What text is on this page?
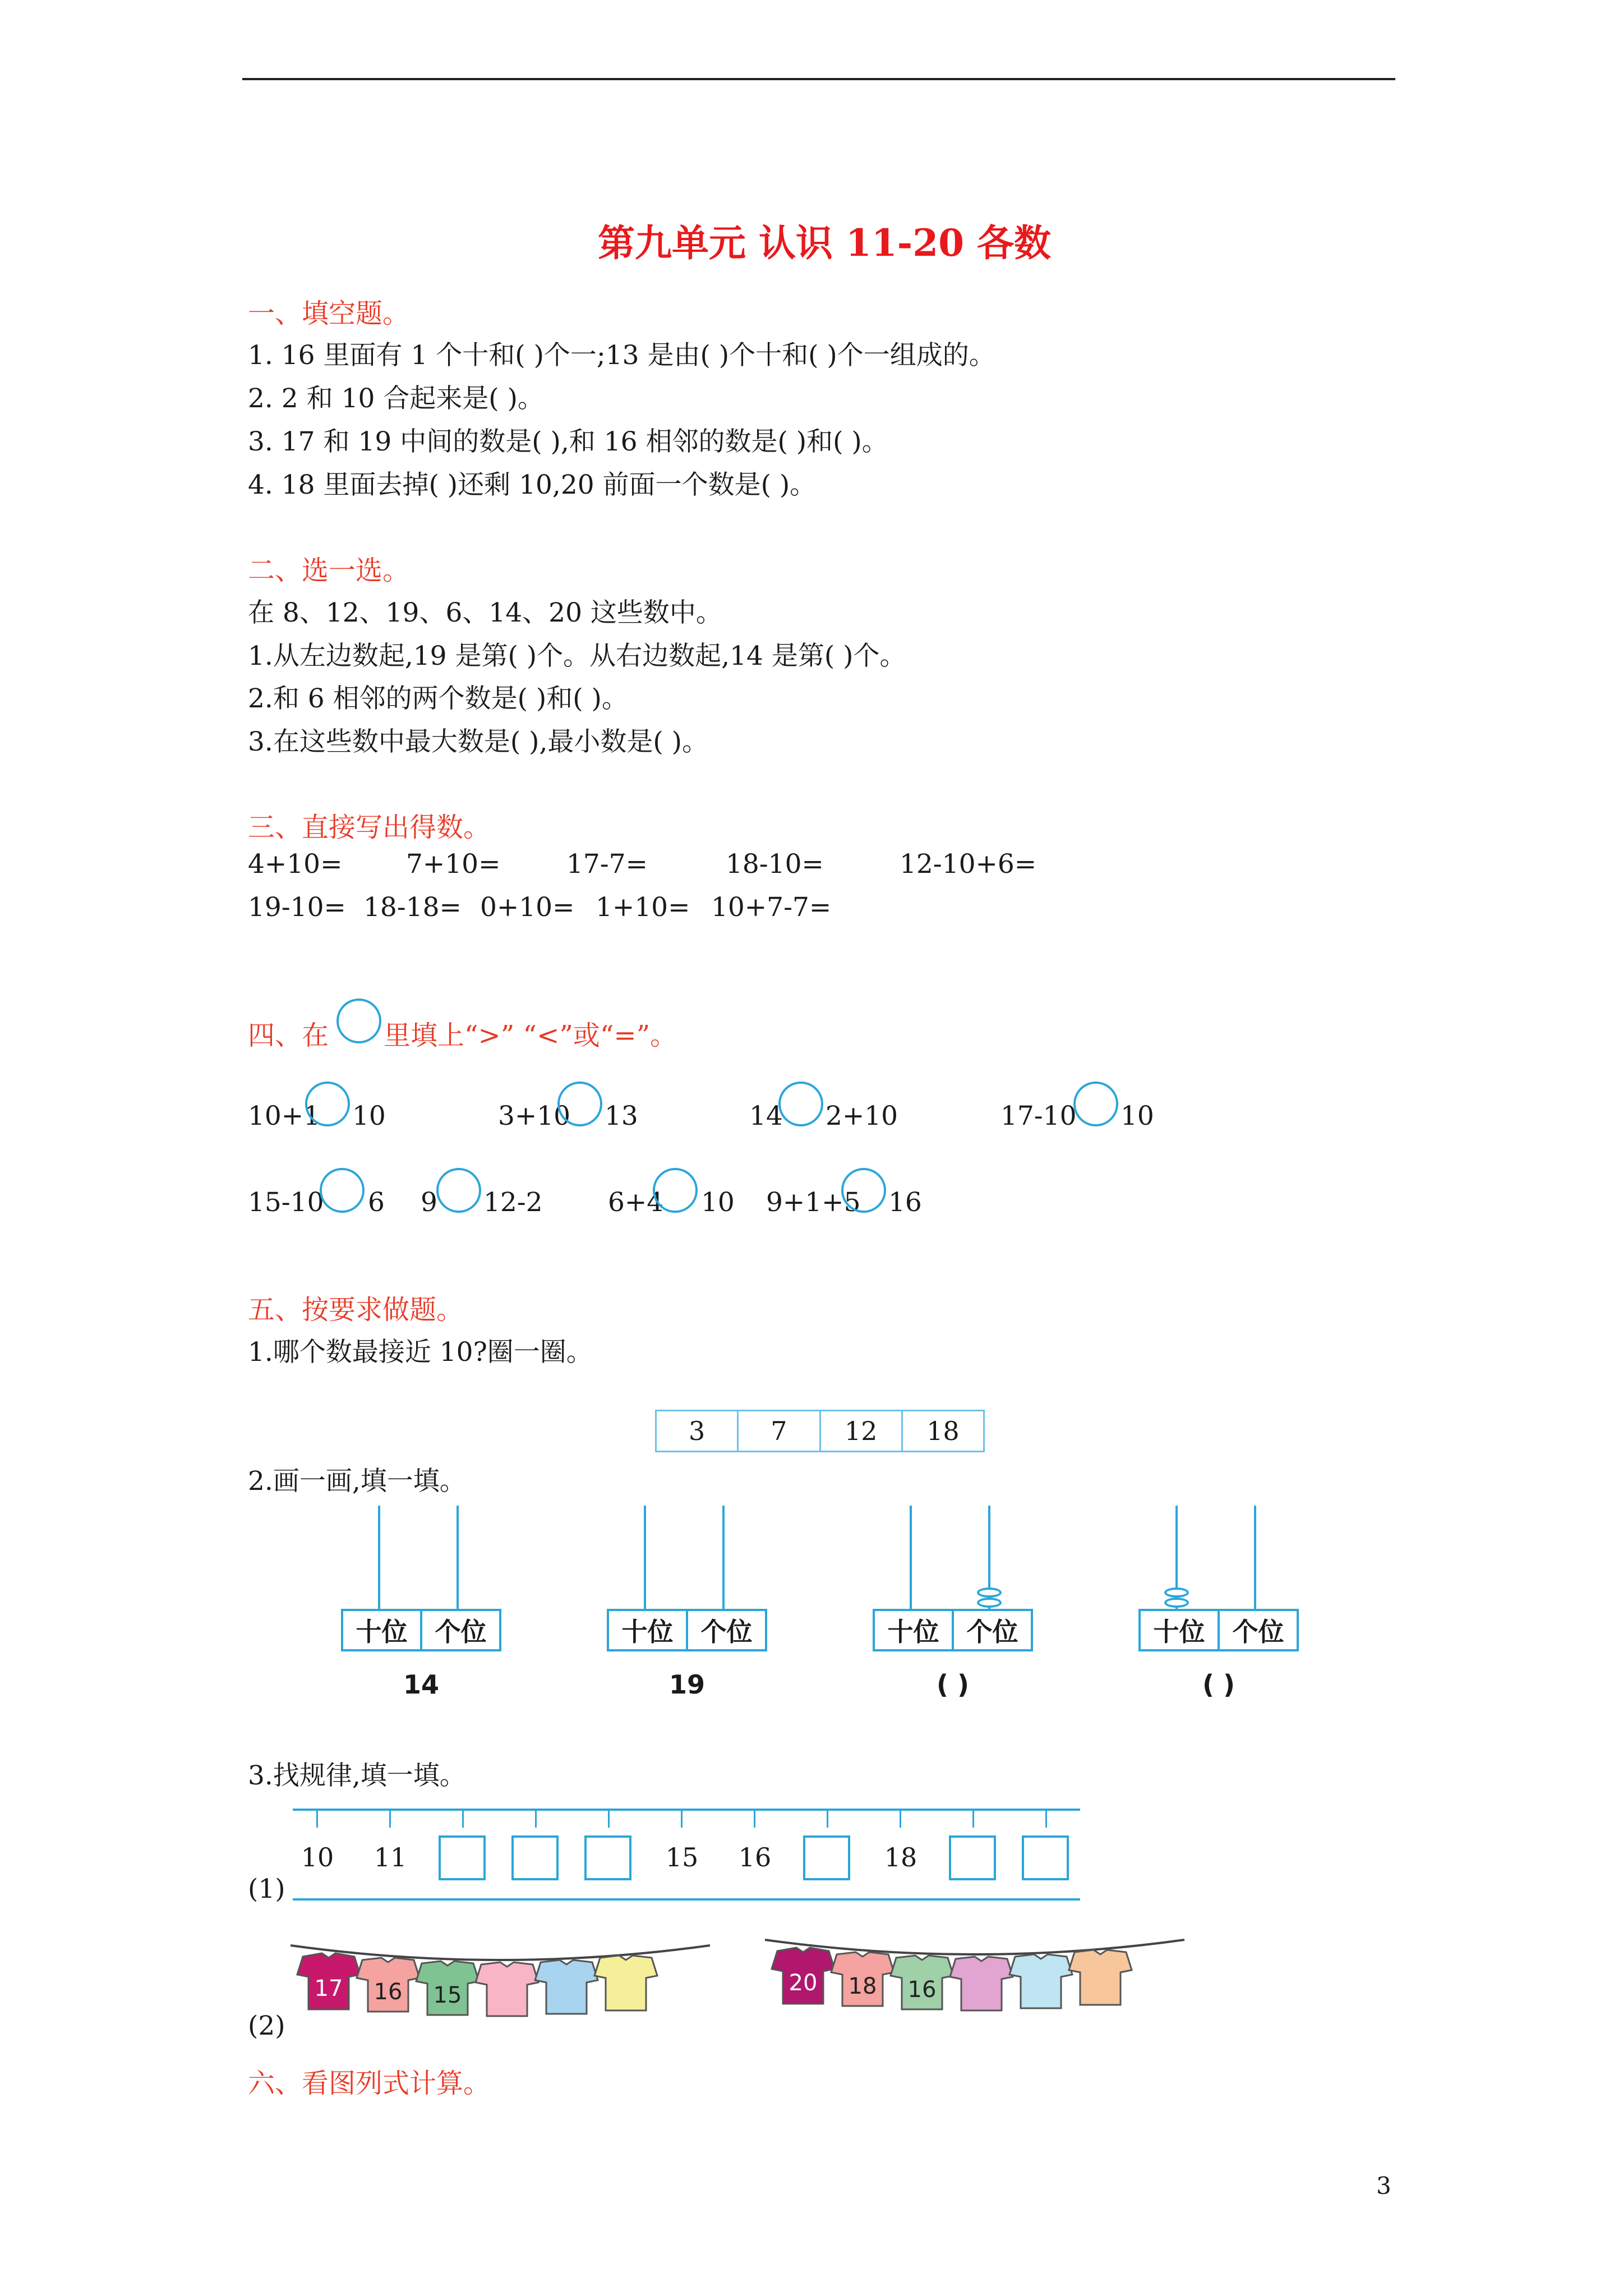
第九单元 认识 11-20 各数
一、填空题。
1. 16 里面有 1 个十和( )个一;13 是由( )个十和( )个一组成的。
2. 2 和 10 合起来是( )。
3. 17 和 19 中间的数是( ),和 16 相邻的数是( )和( )。
4. 18 里面去掉( )还剩 10,20 前面一个数是( )。
二、选一选。
在 8、12、19、6、14、20 这些数中。
1.从左边数起,19 是第( )个。从右边数起,14 是第( )个。
2.和 6 相邻的两个数是( )和( )。
3.在这些数中最大数是( ),最小数是( )。
三、直接写出得数。
4+10= 7+10=	17-7=	18-10=	12-10+6=
19-10= 18-18= 0+10= 1+10= 10+7-7=
四、在 里填上“>” “<”或“=”。
10+1 10	3+10 13	14 2+10	17-10 10
15-10 6 9 12-2 6+4 10 9+1+5 16
五、按要求做题。
1.哪个数最接近 10?圈一圈。
3	7	12	18
2.画一画,填一填。
十位	个位
14
十位	个位
19
十位	个位
( )
十位	个位
( )
3.找规律,填一填。
10 11	15 16	18
(1)
(2)
17 16 15	20 18 16
六、看图列式计算。
3
